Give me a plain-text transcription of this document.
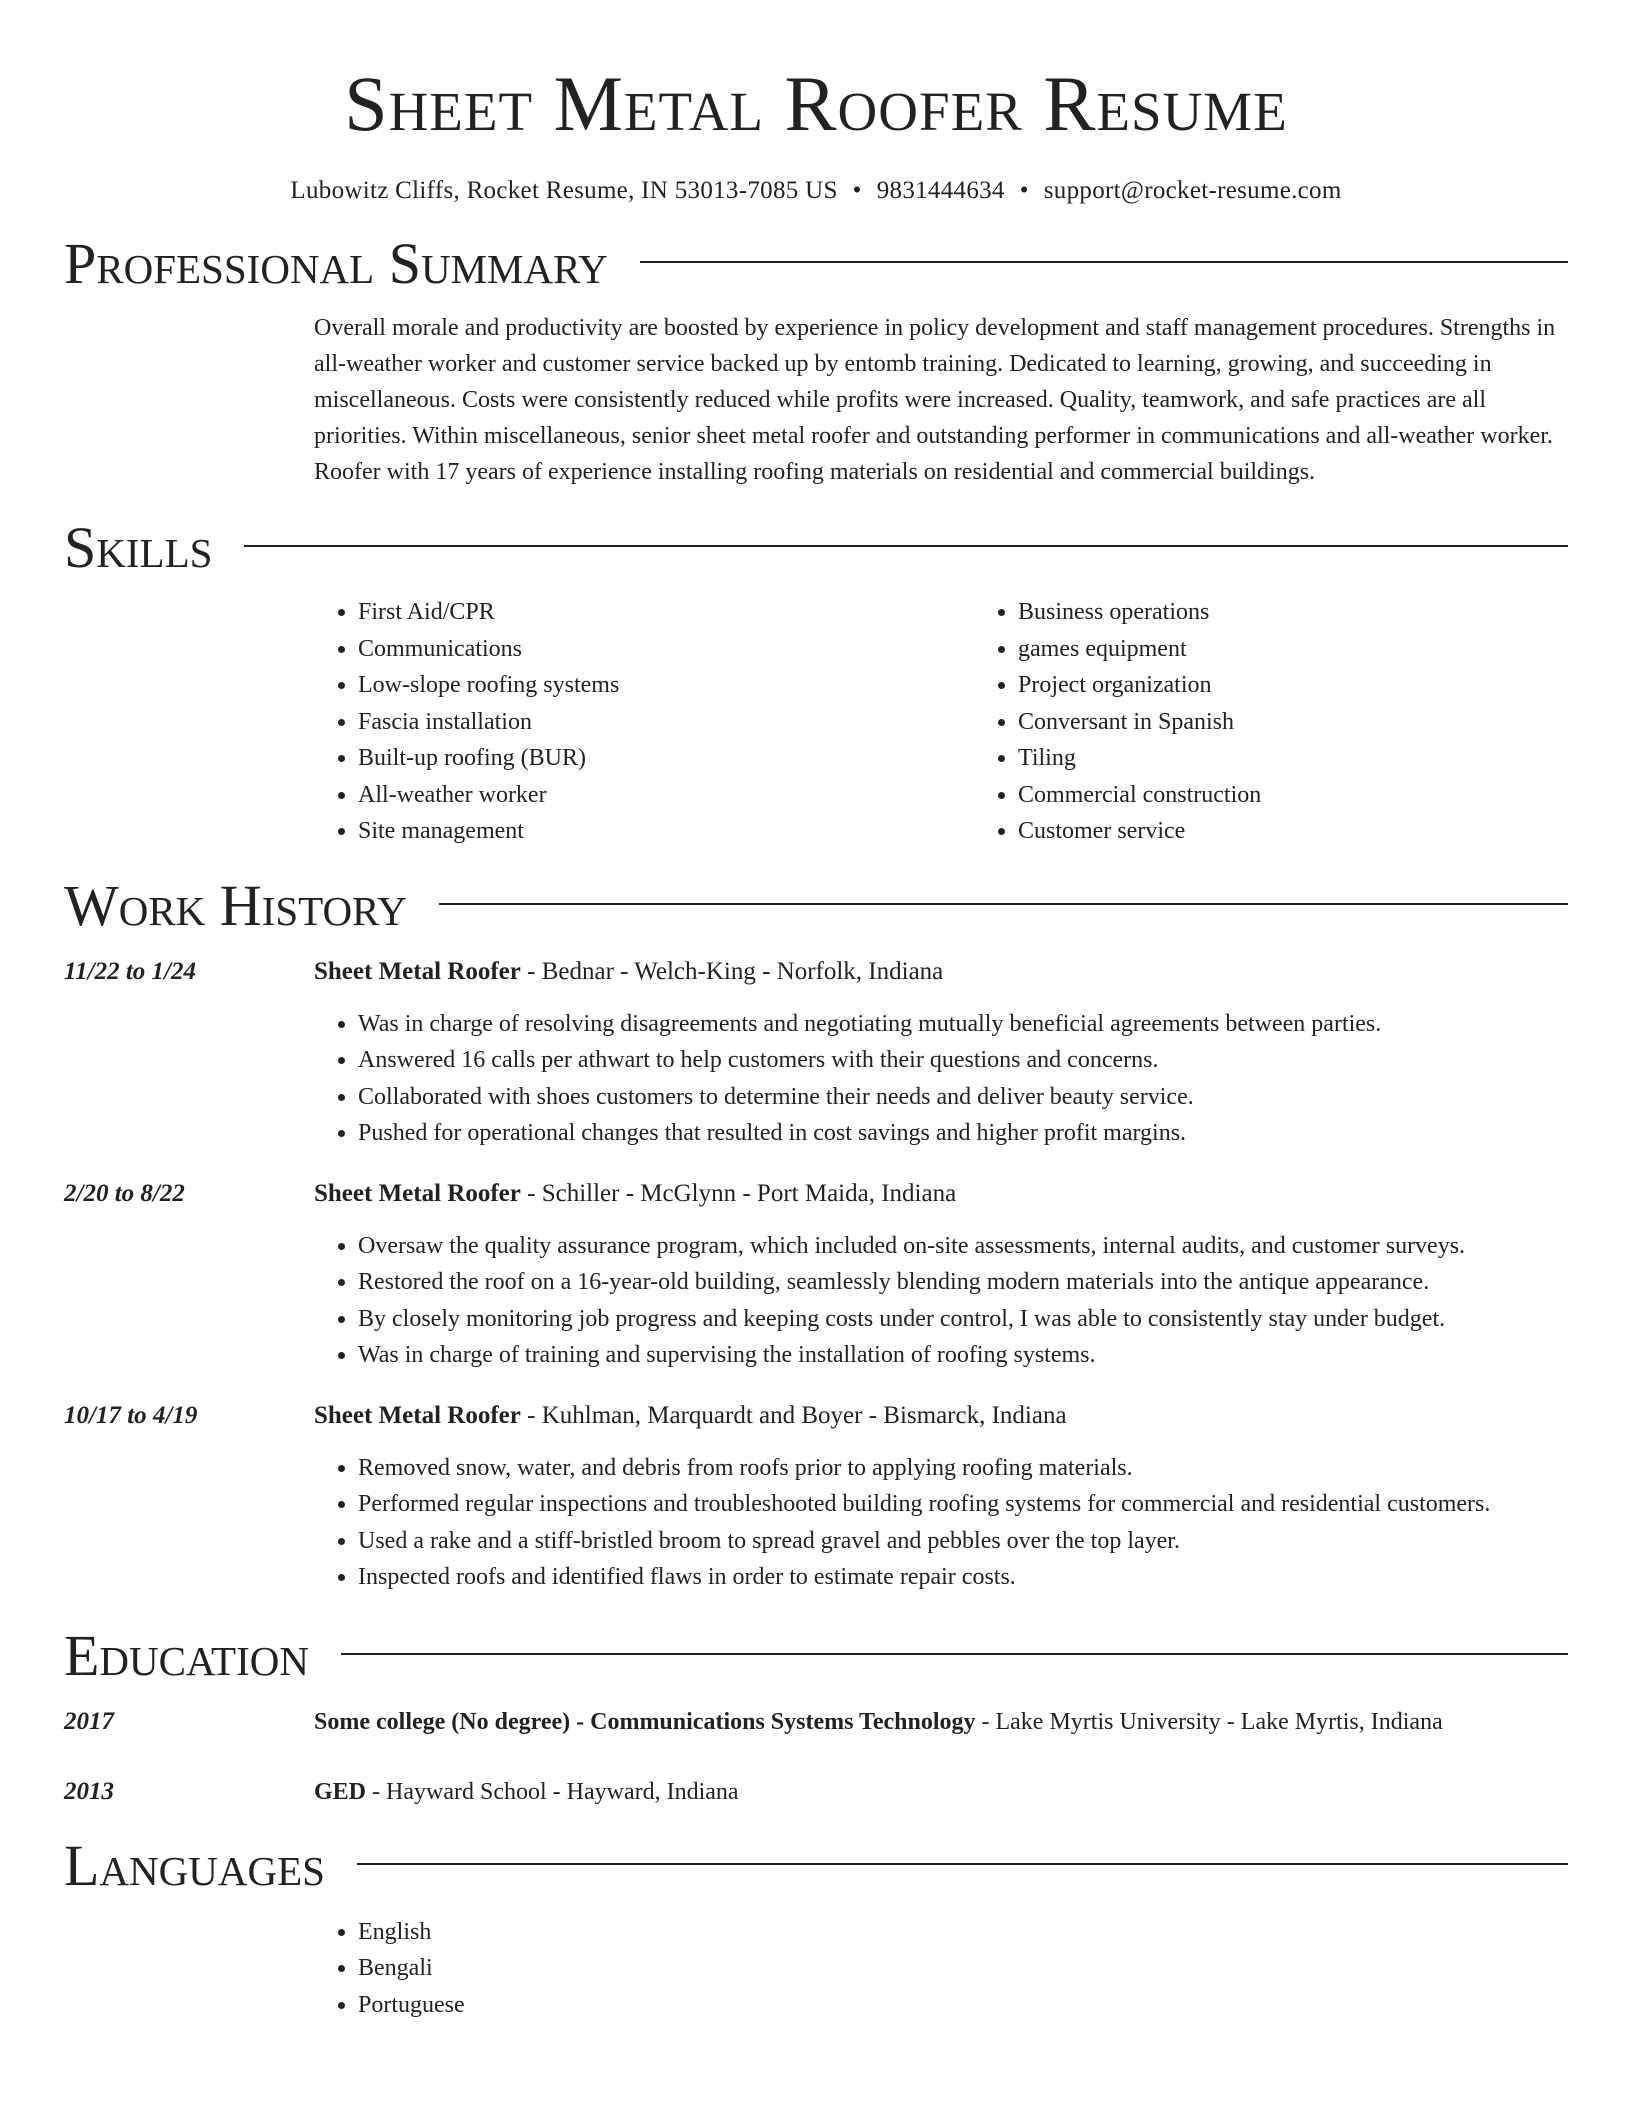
Sheet Metal Roofer Resume
Lubowitz Cliffs, Rocket Resume, IN 53013-7085 US • 9831444634 • support@rocket-resume.com
Professional Summary

Overall morale and productivity are boosted by experience in policy development and staff management procedures. Strengths in all-weather worker and customer service backed up by entomb training. Dedicated to learning, growing, and succeeding in miscellaneous. Costs were consistently reduced while profits were increased. Quality, teamwork, and safe practices are all priorities. Within miscellaneous, senior sheet metal roofer and outstanding performer in communications and all-weather worker. Roofer with 17 years of experience installing roofing materials on residential and commercial buildings.

Skills
• First Aid/CPR
• Communications
• Low-slope roofing systems
• Fascia installation
• Built-up roofing (BUR)
• All-weather worker
• Site management
• Business operations
• games equipment
• Project organization
• Conversant in Spanish
• Tiling
• Commercial construction
• Customer service
Work History
11/22 to 1/24	Sheet Metal Roofer - Bednar - Welch-King - Norfolk, Indiana
• Was in charge of resolving disagreements and negotiating mutually beneficial agreements between parties.
• Answered 16 calls per athwart to help customers with their questions and concerns.
• Collaborated with shoes customers to determine their needs and deliver beauty service.
• Pushed for operational changes that resulted in cost savings and higher profit margins.
2/20 to 8/22	Sheet Metal Roofer - Schiller - McGlynn - Port Maida, Indiana
• Oversaw the quality assurance program, which included on-site assessments, internal audits, and customer surveys.
• Restored the roof on a 16-year-old building, seamlessly blending modern materials into the antique appearance.
• By closely monitoring job progress and keeping costs under control, I was able to consistently stay under budget.
• Was in charge of training and supervising the installation of roofing systems.
10/17 to 4/19	Sheet Metal Roofer - Kuhlman, Marquardt and Boyer - Bismarck, Indiana
• Removed snow, water, and debris from roofs prior to applying roofing materials.
• Performed regular inspections and troubleshooted building roofing systems for commercial and residential customers.
• Used a rake and a stiff-bristled broom to spread gravel and pebbles over the top layer.
• Inspected roofs and identified flaws in order to estimate repair costs.
Education
2017	Some college (No degree) - Communications Systems Technology - Lake Myrtis University - Lake Myrtis, Indiana
2013	GED - Hayward School - Hayward, Indiana
Languages
• English
• Bengali
• Portuguese
